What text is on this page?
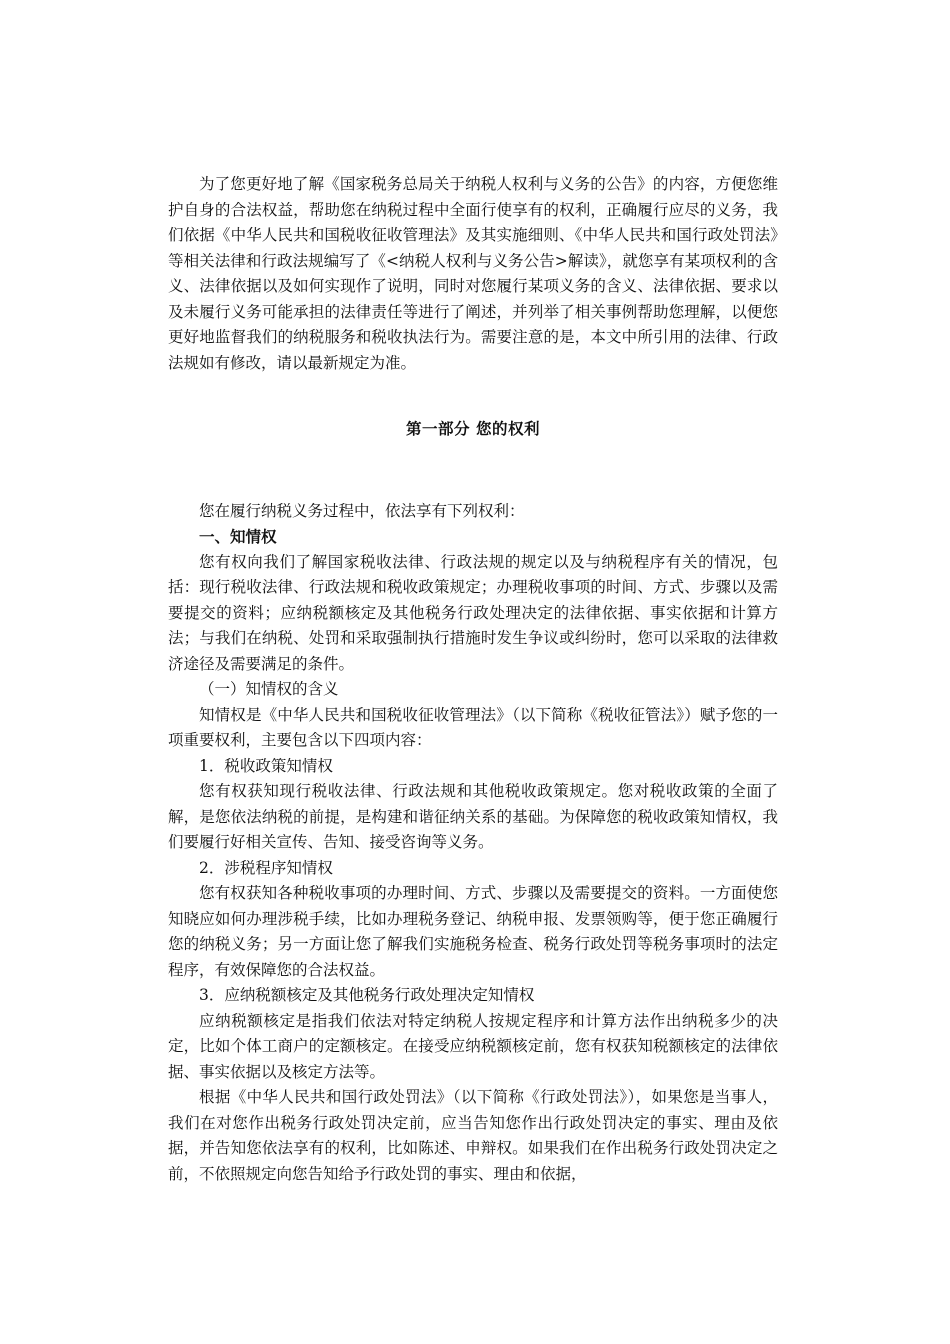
为了您更好地了解《国家税务总局关于纳税人权利与义务的公告》的内容，方便您维护自身的合法权益，帮助您在纳税过程中全面行使享有的权利，正确履行应尽的义务，我们依据《中华人民共和国税收征收管理法》及其实施细则、《中华人民共和国行政处罚法》等相关法律和行政法规编写了《<纳税人权利与义务公告>解读》，就您享有某项权利的含义、法律依据以及如何实现作了说明，同时对您履行某项义务的含义、法律依据、要求以及未履行义务可能承担的法律责任等进行了阐述，并列举了相关事例帮助您理解，以便您更好地监督我们的纳税服务和税收执法行为。需要注意的是，本文中所引用的法律、行政法规如有修改，请以最新规定为准。

第一部分 您的权利

您在履行纳税义务过程中，依法享有下列权利：

一、知情权

您有权向我们了解国家税收法律、行政法规的规定以及与纳税程序有关的情况，包括：现行税收法律、行政法规和税收政策规定；办理税收事项的时间、方式、步骤以及需要提交的资料；应纳税额核定及其他税务行政处理决定的法律依据、事实依据和计算方法；与我们在纳税、处罚和采取强制执行措施时发生争议或纠纷时，您可以采取的法律救济途径及需要满足的条件。

（一）知情权的含义

知情权是《中华人民共和国税收征收管理法》（以下简称《税收征管法》）赋予您的一项重要权利，主要包含以下四项内容：

1．税收政策知情权

您有权获知现行税收法律、行政法规和其他税收政策规定。您对税收政策的全面了解，是您依法纳税的前提，是构建和谐征纳关系的基础。为保障您的税收政策知情权，我们要履行好相关宣传、告知、接受咨询等义务。

2．涉税程序知情权

您有权获知各种税收事项的办理时间、方式、步骤以及需要提交的资料。一方面使您知晓应如何办理涉税手续，比如办理税务登记、纳税申报、发票领购等，便于您正确履行您的纳税义务；另一方面让您了解我们实施税务检查、税务行政处罚等税务事项时的法定程序，有效保障您的合法权益。

3．应纳税额核定及其他税务行政处理决定知情权

应纳税额核定是指我们依法对特定纳税人按规定程序和计算方法作出纳税多少的决定，比如个体工商户的定额核定。在接受应纳税额核定前，您有权获知税额核定的法律依据、事实依据以及核定方法等。

根据《中华人民共和国行政处罚法》（以下简称《行政处罚法》），如果您是当事人，我们在对您作出税务行政处罚决定前，应当告知您作出行政处罚决定的事实、理由及依据，并告知您依法享有的权利，比如陈述、申辩权。如果我们在作出税务行政处罚决定之前，不依照规定向您告知给予行政处罚的事实、理由和依据，
